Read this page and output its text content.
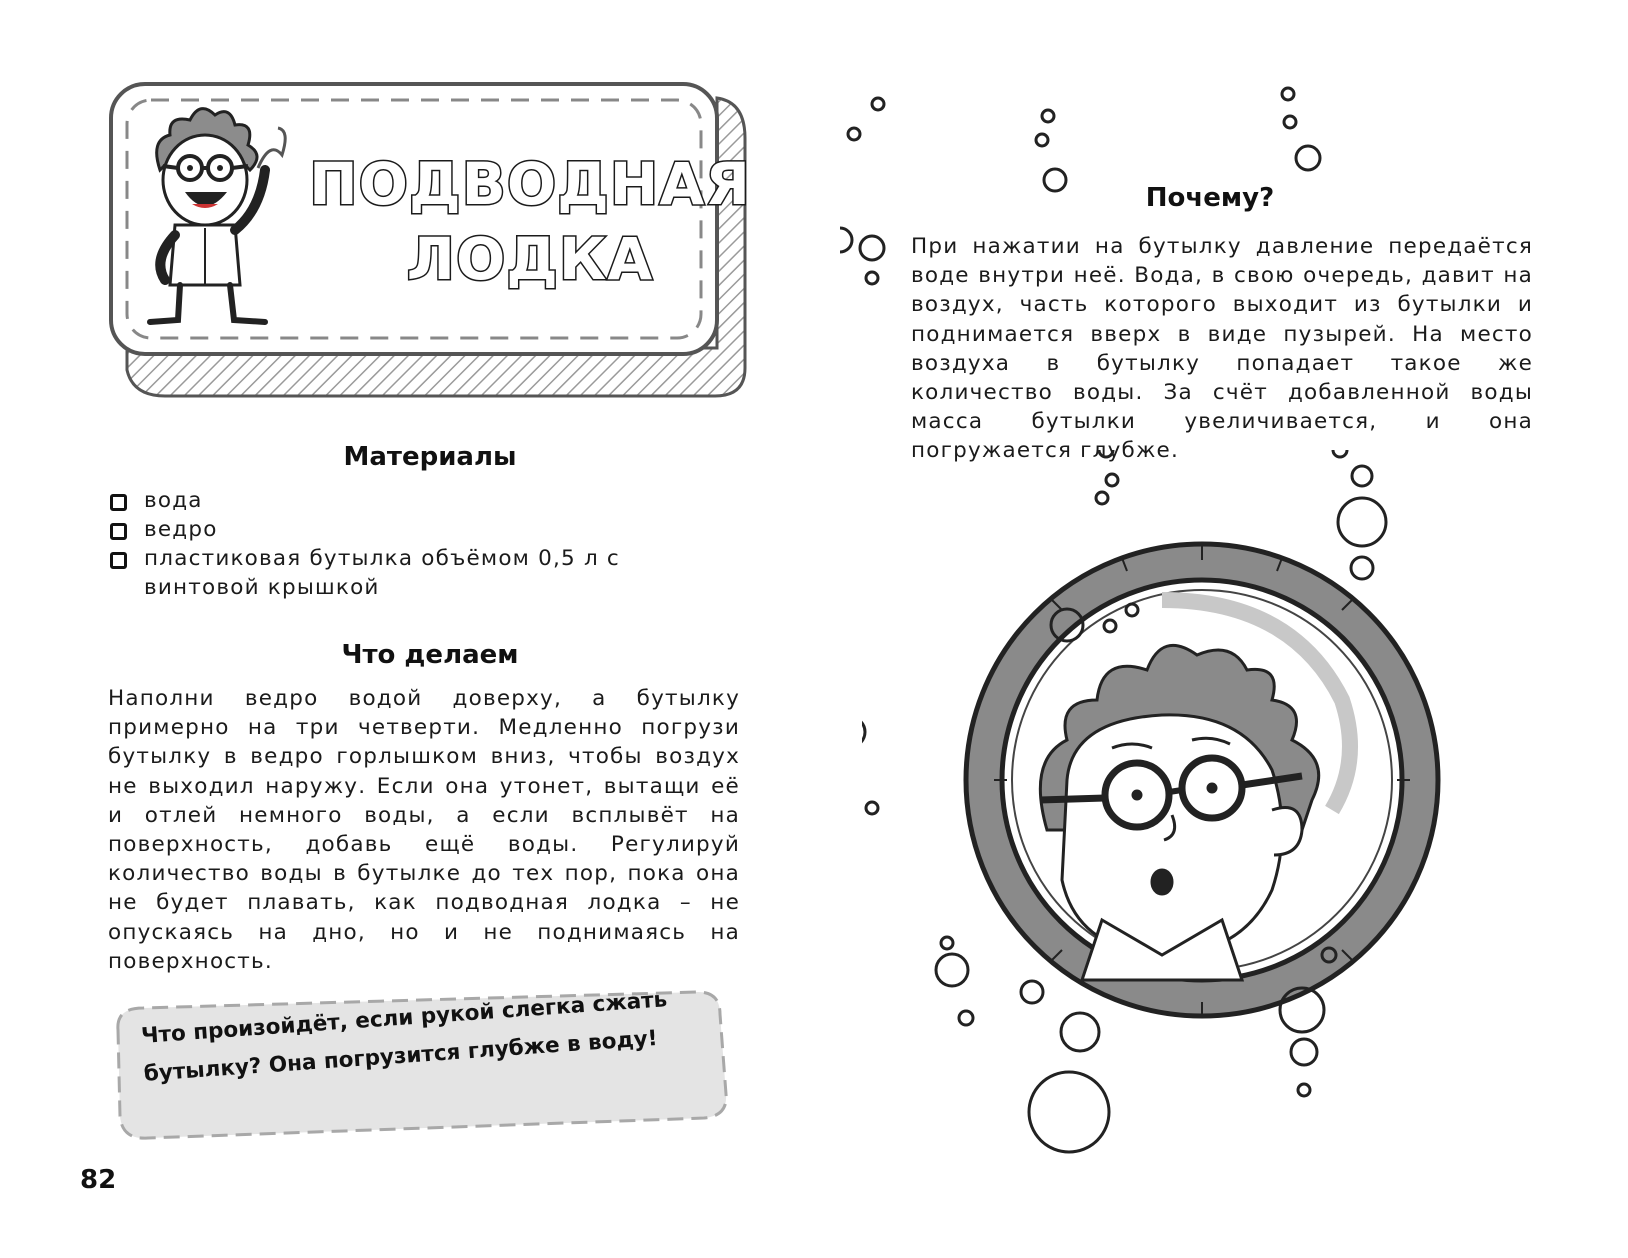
ПОДВОДНАЯ
ЛОДКА
Материалы
вода
ведро
пластиковая бутылка объёмом 0,5 л с винтовой крышкой
Что делаем

Наполни ведро водой доверху, а бутылку примерно на три четверти. Медленно погрузи бутылку в ведро горлышком вниз, чтобы воздух не выходил наружу. Если она утонет, вытащи её и отлей немного воды, а если всплывёт на поверхность, добавь ещё воды. Регулируй количество воды в бутылке до тех пор, пока она не будет плавать, как подводная лодка – не опускаясь на дно, но и не поднимаясь на поверхность.

Что произойдёт, если рукой слегка сжать бутылку? Она погрузится глубже в воду!

82
Почему?

При нажатии на бутылку давление передаётся воде внутри неё. Вода, в свою очередь, давит на воздух, часть которого выходит из бутылки и поднимается вверх в виде пузырей. На место воздуха в бутылку попадает такое же количество воды. За счёт добавленной воды масса бутылки увеличивается, и она погружается глубже.
